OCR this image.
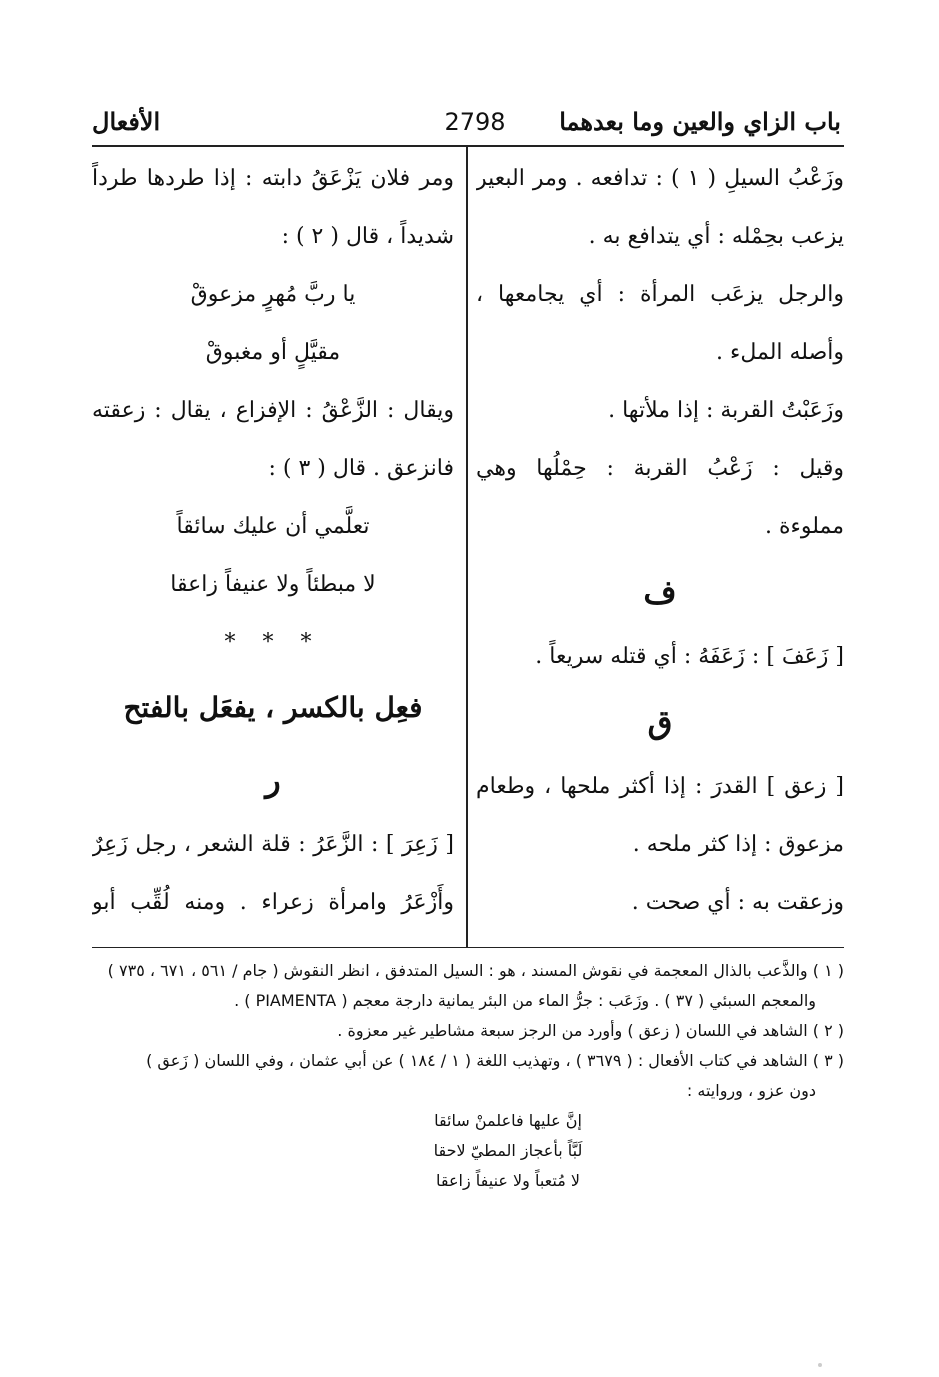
الأفعال	2798	باب الزاي والعين وما بعدهما
وزَعْبُ السيلِ ( ١ ) : تدافعه . ومر البعير
يزعب بحِمْله : أي يتدافع به .
والرجل يزعَب المرأة : أي يجامعها ،
وأصله الملء .
وزَعَبْتُ القربة : إذا ملأتها .
وقيل : زَعْبُ القربة : حِمْلُها وهي
مملوءة .
ف
[ زَعَفَ ] : زَعَفَهُ : أي قتله سريعاً .
ق
[ زعق ] القدرَ : إذا أكثر ملحها ، وطعام
مزعوق : إذا كثر ملحه .
وزعقت به : أي صحت .
ومر فلان يَزْعَقُ دابته : إذا طردها طرداً
شديداً ، قال ( ٢ ) :
يا ربَّ مُهرٍ مزعوقْ
مقيَّلٍ أو مغبوقْ
ويقال : الزَّعْقُ : الإفزاع ، يقال : زعقته
فانزعق . قال ( ٣ ) :
تعلَّمي أن عليك سائقاً
لا مبطئاً ولا عنيفاً زاعقا
* * *
فعِل بالكسر ، يفعَل بالفتح
ر
[ زَعِرَ ] : الزَّعَرُ : قلة الشعر ، رجل زَعِرٌ
وأَزْعَرُ وامرأة زعراء . ومنه لُقِّب أبو
( ١ ) والذَّعب بالذال المعجمة في نقوش المسند ، هو : السيل المتدفق ، انظر النقوش ( جام / ٥٦١ ، ٦٧١ ، ٧٣٥ )
والمعجم السبئي ( ٣٧ ) . وزَعَب : جرُّ الماء من البئر يمانية دارجة معجم ( PIAMENTA ) .
( ٢ ) الشاهد في اللسان ( زعق ) وأورد من الرجز سبعة مشاطير غير معزوة .
( ٣ ) الشاهد في كتاب الأفعال : ( ٣٦٧٩ ) ، وتهذيب اللغة ( ١ / ١٨٤ ) عن أبي عثمان ، وفي اللسان ( زَعق )
دون عزو ، وروايته :
إنَّ عليها فاعلمنْ سائقا
لَبَّاً بأعجاز المطيّ لاحقا
لا مُتعباً ولا عنيفاً زاعقا
